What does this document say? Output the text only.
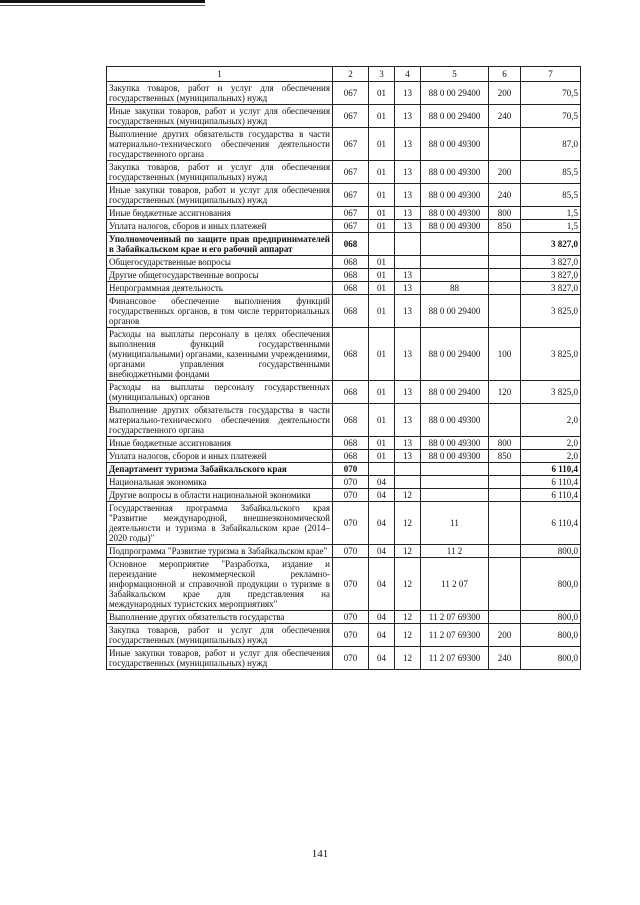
1	2	3	4	5	6	7
Закупка товаров, работ и услуг для обеспечения государственных (муниципальных) нужд	067	01	13	88 0 00 29400	200	70,5
Иные закупки товаров, работ и услуг для обеспечения государственных (муниципальных) нужд	067	01	13	88 0 00 29400	240	70,5
Выполнение других обязательств государства в части материально-технического обеспечения деятельности государственного органа	067	01	13	88 0 00 49300		87,0
Закупка товаров, работ и услуг для обеспечения государственных (муниципальных) нужд	067	01	13	88 0 00 49300	200	85,5
Иные закупки товаров, работ и услуг для обеспечения государственных (муниципальных) нужд	067	01	13	88 0 00 49300	240	85,5
Иные бюджетные ассигнования	067	01	13	88 0 00 49300	800	1,5
Уплата налогов, сборов и иных платежей	067	01	13	88 0 00 49300	850	1,5
Уполномоченный по защите прав предпринимателей в Забайкальском крае и его рабочий аппарат	068					3 827,0
Общегосударственные вопросы	068	01				3 827,0
Другие общегосударственные вопросы	068	01	13			3 827,0
Непрограммная деятельность	068	01	13	88		3 827,0
Финансовое обеспечение выполнения функций государственных органов, в том числе территориальных органов	068	01	13	88 0 00 29400		3 825,0
Расходы на выплаты персоналу в целях обеспечения выполнения функций государственными (муниципальными) органами, казенными учреждениями, органами управления государственными внебюджетными фондами	068	01	13	88 0 00 29400	100	3 825,0
Расходы на выплаты персоналу государственных (муниципальных) органов	068	01	13	88 0 00 29400	120	3 825,0
Выполнение других обязательств государства в части материально-технического обеспечения деятельности государственного органа	068	01	13	88 0 00 49300		2,0
Иные бюджетные ассигнования	068	01	13	88 0 00 49300	800	2,0
Уплата налогов, сборов и иных платежей	068	01	13	88 0 00 49300	850	2,0
Департамент туризма Забайкальского края	070					6 110,4
Национальная экономика	070	04				6 110,4
Другие вопросы в области национальной экономики	070	04	12			6 110,4
Государственная программа Забайкальского края "Развитие международной, внешнеэкономической деятельности и туризма в Забайкальском крае (2014–2020 годы)"	070	04	12	11		6 110,4
Подпрограмма "Развитие туризма в Забайкальском крае"	070	04	12	11 2		800,0
Основное мероприятие "Разработка, издание и переиздание некоммерческой рекламно-информационной и справочной продукции о туризме в Забайкальском крае для представления на международных туристских мероприятиях"	070	04	12	11 2 07		800,0
Выполнение других обязательств государства	070	04	12	11 2 07 69300		800,0
Закупка товаров, работ и услуг для обеспечения государственных (муниципальных) нужд	070	04	12	11 2 07 69300	200	800,0
Иные закупки товаров, работ и услуг для обеспечения государственных (муниципальных) нужд	070	04	12	11 2 07 69300	240	800,0
141
